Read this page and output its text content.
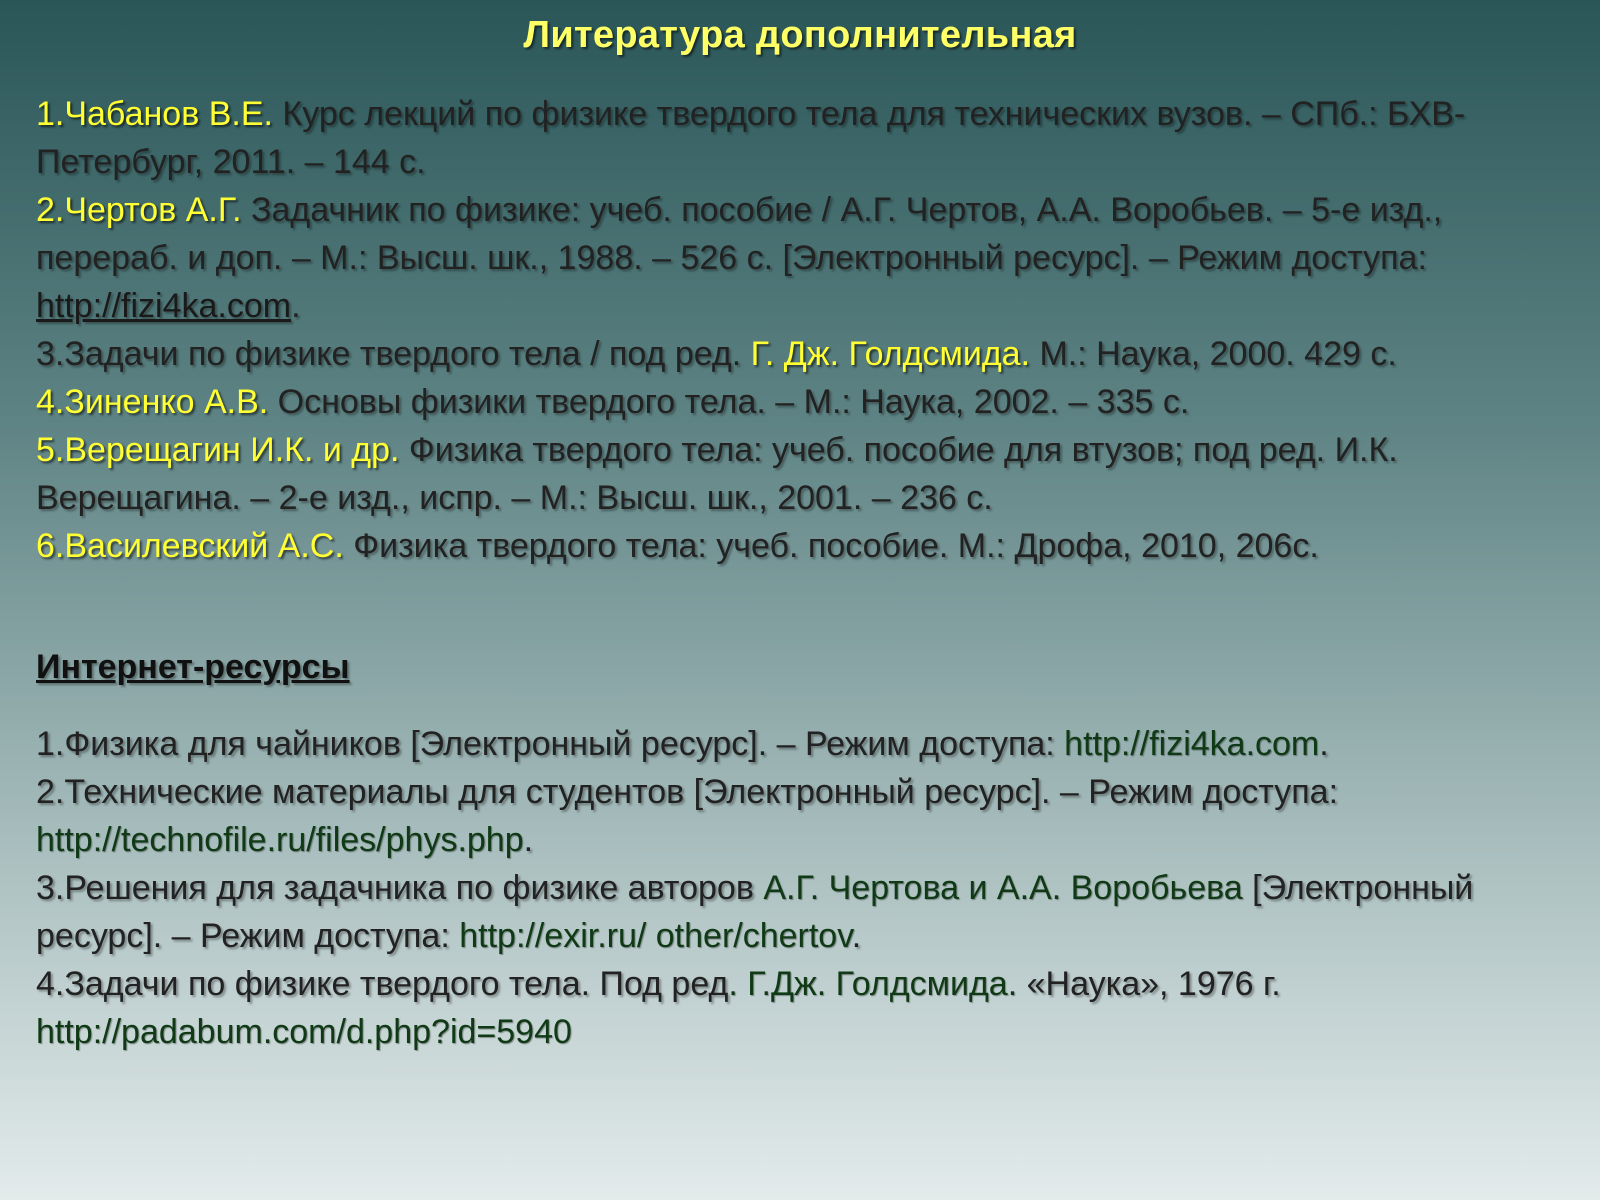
Литература дополнительная
1.Чабанов В.Е. Курс лекций по физике твердого тела для технических вузов. – СПб.: БХВ-Петербург, 2011. – 144 с.
2.Чертов А.Г. Задачник по физике: учеб. пособие / А.Г. Чертов, А.А. Воробьев. – 5-е изд., перераб. и доп. – М.: Высш. шк., 1988. – 526 с. [Электронный ресурс]. – Режим доступа: http://fizi4ka.com.
3.Задачи по физике твердого тела / под ред. Г. Дж. Голдсмида. М.: Наука, 2000. 429 с.
4.Зиненко А.В. Основы физики твердого тела. – М.: Наука, 2002. – 335 с.
5.Верещагин И.К. и др. Физика твердого тела: учеб. пособие для втузов; под ред. И.К. Верещагина. – 2-е изд., испр. – М.: Высш. шк., 2001. – 236 с.
6.Василевский А.С. Физика твердого тела: учеб. пособие. М.: Дрофа, 2010, 206с.
Интернет-ресурсы
1.Физика для чайников [Электронный ресурс]. – Режим доступа: http://fizi4ka.com.
2.Технические материалы для студентов [Электронный ресурс]. – Режим доступа: http://technofile.ru/files/phys.php.
3.Решения для задачника по физике авторов А.Г. Чертова и А.А. Воробьева [Электронный ресурс]. – Режим доступа: http://exir.ru/ other/chertov.
4.Задачи по физике твердого тела. Под ред. Г.Дж. Голдсмида. «Наука», 1976 г. http://padabum.com/d.php?id=5940
